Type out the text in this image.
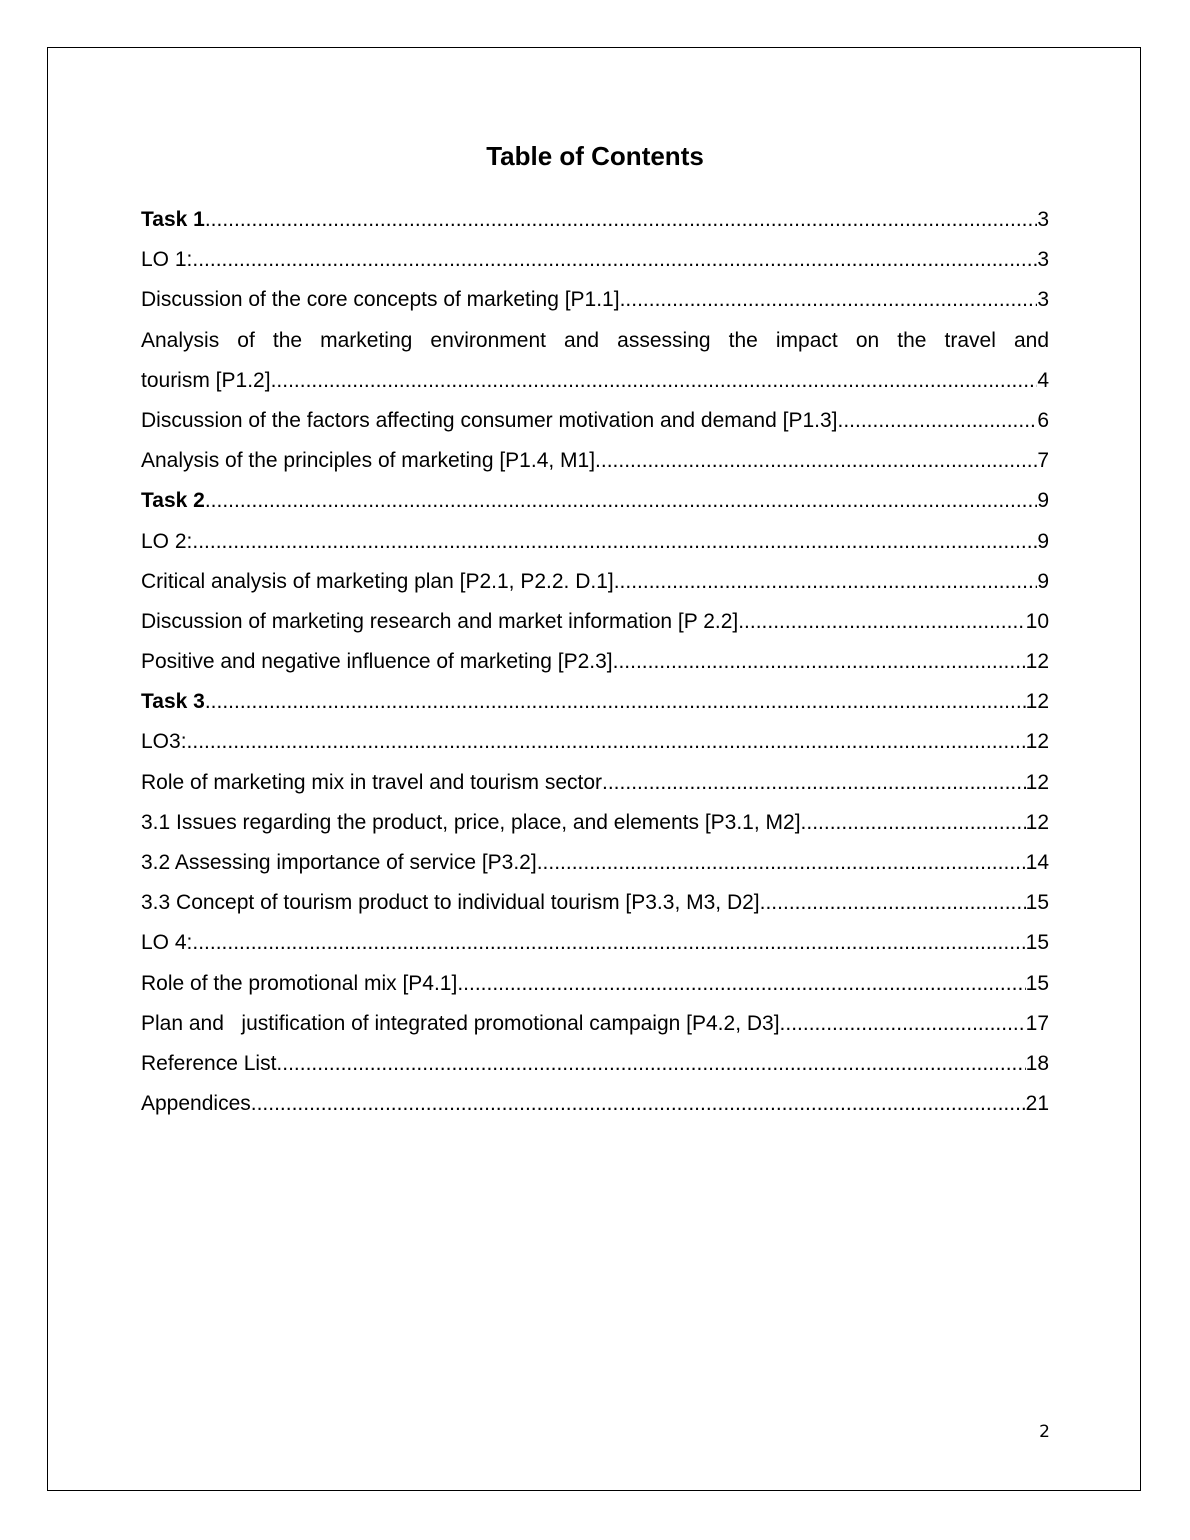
Table of Contents
Task 1 .....	3
LO 1: .....	3
Discussion of the core concepts of marketing [P1.1] .....	3
Analysis of the marketing environment and assessing the impact on the travel and
tourism [P1.2] .....	4
Discussion of the factors affecting consumer motivation and demand [P1.3] .....	6
Analysis of the principles of marketing [P1.4, M1] .....	7
Task 2 .....	9
LO 2: .....	9
Critical analysis of marketing plan [P2.1, P2.2. D.1] .....	9
Discussion of marketing research and market information [P 2.2] .....	10
Positive and negative influence of marketing [P2.3] .....	12
Task 3 .....	12
LO3: .....	12
Role of marketing mix in travel and tourism sector .....	12
3.1 Issues regarding the product, price, place, and elements [P3.1, M2] .....	12
3.2 Assessing importance of service [P3.2] .....	14
3.3 Concept of tourism product to individual tourism [P3.3, M3, D2] .....	15
LO 4: .....	15
Role of the promotional mix [P4.1] .....	15
Plan and   justification of integrated promotional campaign [P4.2, D3] .....	17
Reference List .....	18
Appendices .....	21
2
